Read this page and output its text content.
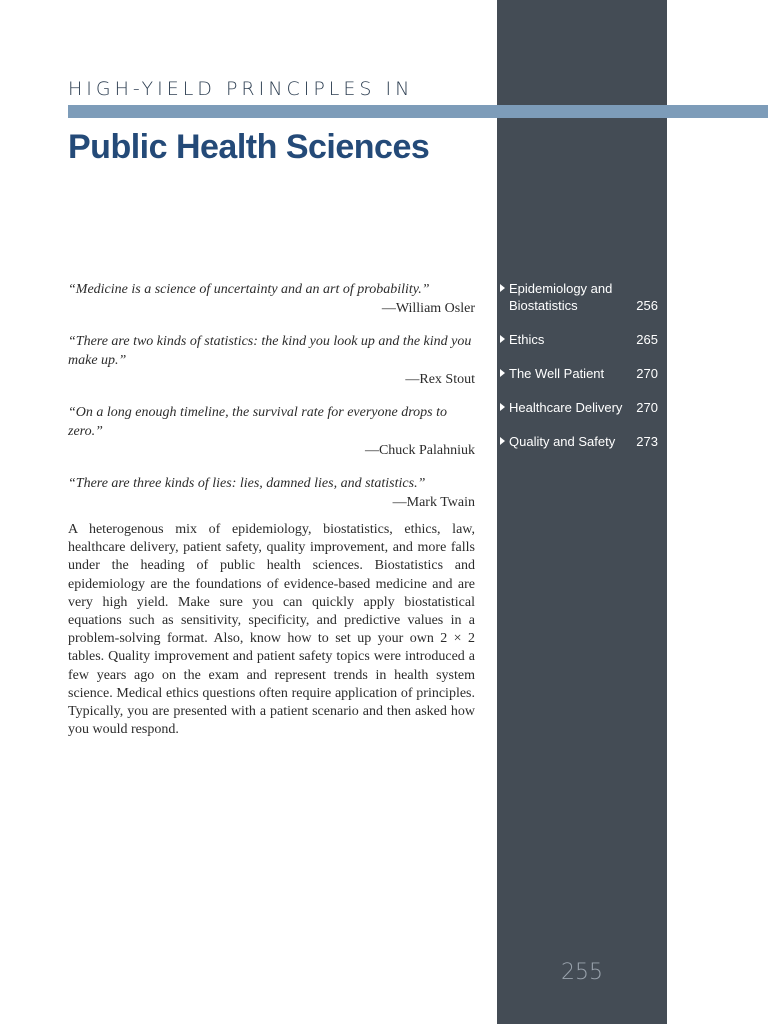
HIGH-YIELD PRINCIPLES IN
Public Health Sciences

“Medicine is a science of uncertainty and an art of probability.”
—William Osler

“There are two kinds of statistics: the kind you look up and the kind you make up.”
—Rex Stout

“On a long enough timeline, the survival rate for everyone drops to zero.”
—Chuck Palahniuk

“There are three kinds of lies: lies, damned lies, and statistics.”
—Mark Twain

A heterogenous mix of epidemiology, biostatistics, ethics, law, healthcare delivery, patient safety, quality improvement, and more falls under the heading of public health sciences. Biostatistics and epidemiology are the foundations of evidence-based medicine and are very high yield. Make sure you can quickly apply biostatistical equations such as sensitivity, specificity, and predictive values in a problem-solving format. Also, know how to set up your own 2 × 2 tables. Quality improvement and patient safety topics were introduced a few years ago on the exam and represent trends in health system science. Medical ethics questions often require application of principles. Typically, you are presented with a patient scenario and then asked how you would respond.

Epidemiology and Biostatistics	256
Ethics	265
The Well Patient	270
Healthcare Delivery	270
Quality and Safety	273
255
